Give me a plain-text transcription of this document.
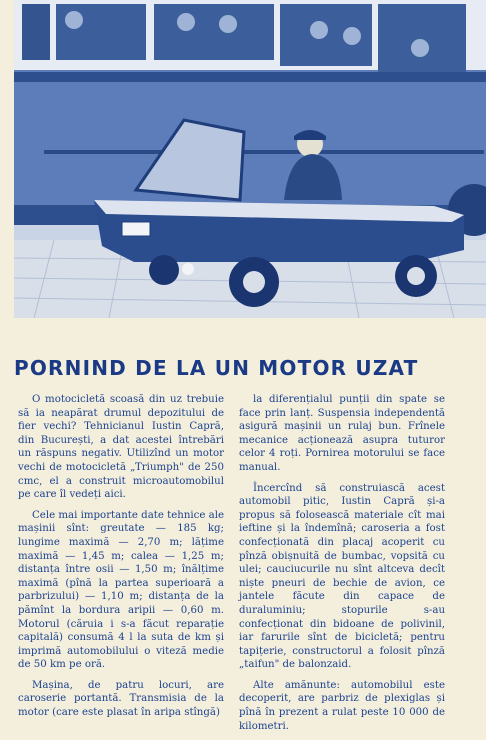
PORNIND DE LA UN MOTOR UZAT

O motocicletă scoasă din uz trebuie să ia neapărat drumul depozitului de fier vechi? Tehnicianul Iustin Capră, din București, a dat acestei întrebări un răspuns negativ. Utilizînd un motor vechi de motocicletă „Triumph" de 250 cmc, el a construit microautomobilul pe care îl vedeți aici.

Cele mai importante date tehnice ale mașinii sînt: greutate — 185 kg; lungime maximă — 2,70 m; lățime maximă — 1,45 m; calea — 1,25 m; distanța între osii — 1,50 m; înălțime maximă (pînă la partea superioară a parbrizului) — 1,10 m; distanța de la pămînt la bordura aripii — 0,60 m. Motorul (căruia i s-a făcut reparație capitală) consumă 4 l la suta de km și imprimă automobilului o viteză medie de 50 km pe oră.

Mașina, de patru locuri, are caroserie portantă. Transmisia de la motor (care este plasat în aripa stîngă)

la diferențialul punții din spate se face prin lanț. Suspensia independentă asigură mașinii un rulaj bun. Frînele mecanice acționează asupra tuturor celor 4 roți. Pornirea motorului se face manual.

Încercînd să construiască acest automobil pitic, Iustin Capră și-a propus să folosească materiale cît mai ieftine și la îndemînă; caroseria a fost confecționată din placaj acoperit cu pînză obișnuită de bumbac, vopsită cu ulei; cauciucurile nu sînt altceva decît niște pneuri de bechie de avion, ce jantele făcute din capace de duraluminiu; stopurile s-au confecționat din bidoane de polivinil, iar farurile sînt de bicicletă; pentru tapițerie, constructorul a folosit pînză „taifun" de balonzaid.

Alte amănunte: automobilul este decoperit, are parbriz de plexiglas și pînă în prezent a rulat peste 10 000 de kilometri.
